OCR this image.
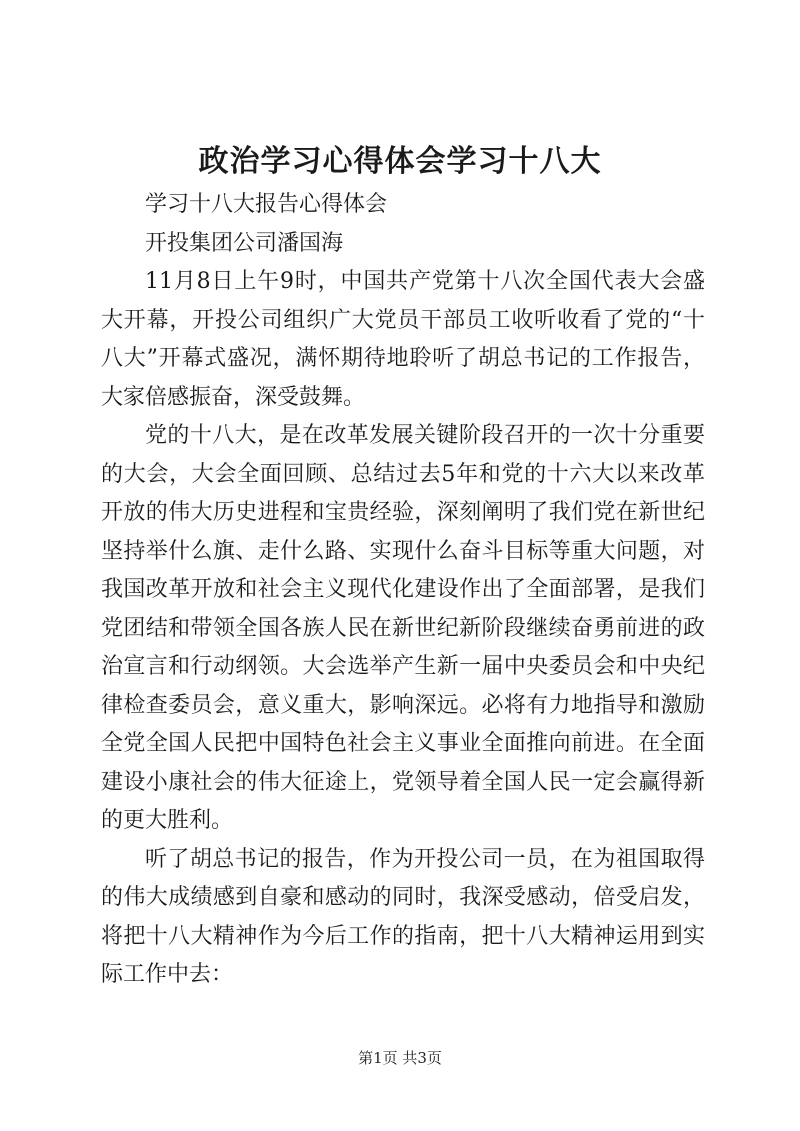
政治学习心得体会学习十八大

学习十八大报告心得体会

开投集团公司潘国海

11月8日上午9时，中国共产党第十八次全国代表大会盛大开幕，开投公司组织广大党员干部员工收听收看了党的“十八大”开幕式盛况，满怀期待地聆听了胡总书记的工作报告，大家倍感振奋，深受鼓舞。

党的十八大，是在改革发展关键阶段召开的一次十分重要的大会，大会全面回顾、总结过去5年和党的十六大以来改革开放的伟大历史进程和宝贵经验，深刻阐明了我们党在新世纪坚持举什么旗、走什么路、实现什么奋斗目标等重大问题，对我国改革开放和社会主义现代化建设作出了全面部署，是我们党团结和带领全国各族人民在新世纪新阶段继续奋勇前进的政治宣言和行动纲领。大会选举产生新一届中央委员会和中央纪律检查委员会，意义重大，影响深远。必将有力地指导和激励全党全国人民把中国特色社会主义事业全面推向前进。在全面建设小康社会的伟大征途上，党领导着全国人民一定会赢得新的更大胜利。

听了胡总书记的报告，作为开投公司一员，在为祖国取得的伟大成绩感到自豪和感动的同时，我深受感动，倍受启发，将把十八大精神作为今后工作的指南，把十八大精神运用到实际工作中去：

第1页 共3页
